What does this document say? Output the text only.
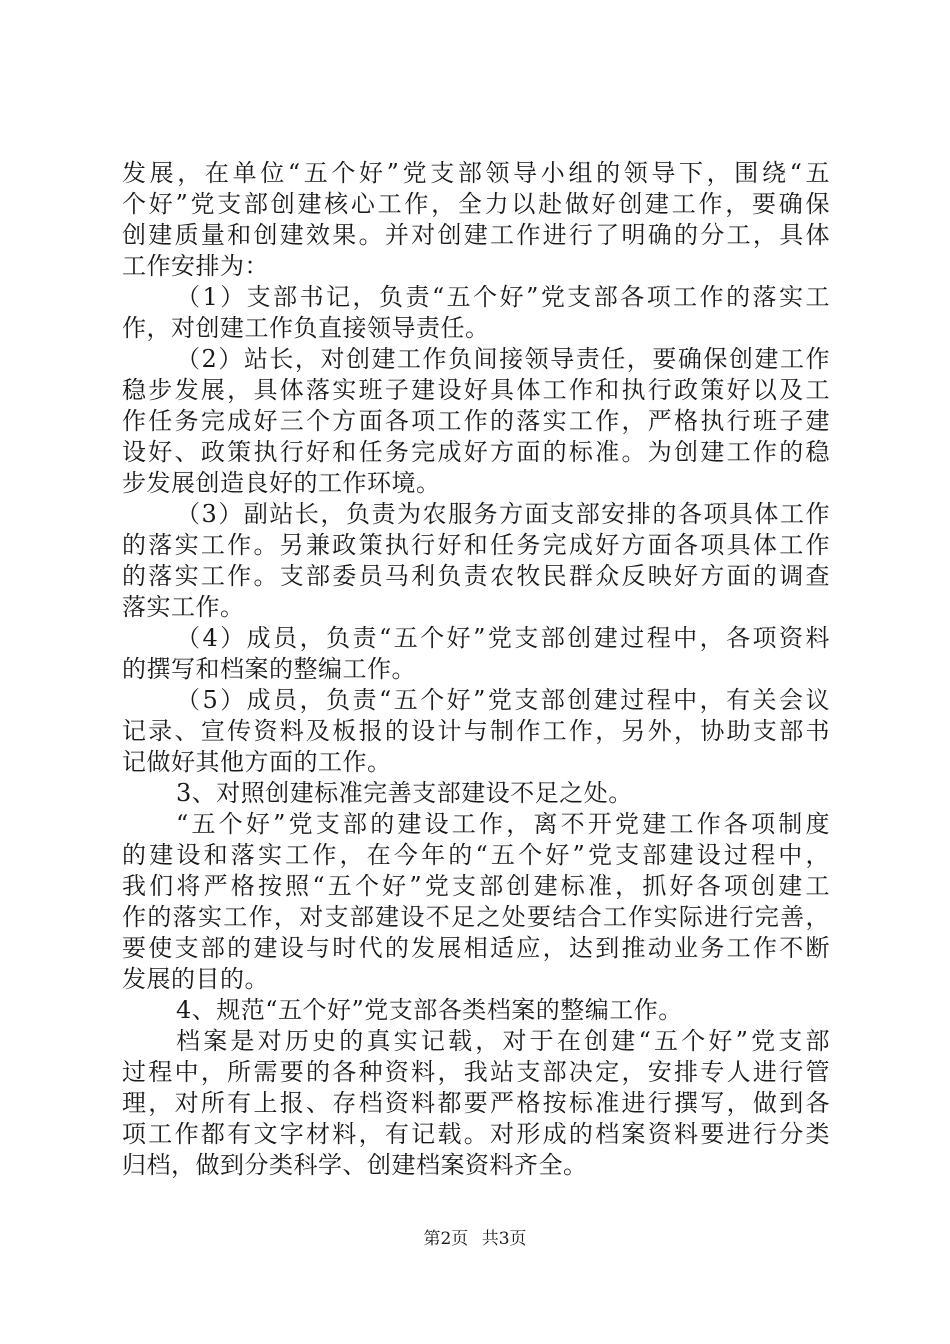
发展，在单位“五个好”党支部领导小组的领导下，围绕“五
个好”党支部创建核心工作，全力以赴做好创建工作，要确保
创建质量和创建效果。并对创建工作进行了明确的分工，具体
工作安排为：
（1）支部书记，负责“五个好”党支部各项工作的落实工
作，对创建工作负直接领导责任。
（2）站长，对创建工作负间接领导责任，要确保创建工作
稳步发展，具体落实班子建设好具体工作和执行政策好以及工
作任务完成好三个方面各项工作的落实工作，严格执行班子建
设好、政策执行好和任务完成好方面的标准。为创建工作的稳
步发展创造良好的工作环境。
（3）副站长，负责为农服务方面支部安排的各项具体工作
的落实工作。另兼政策执行好和任务完成好方面各项具体工作
的落实工作。支部委员马利负责农牧民群众反映好方面的调查
落实工作。
（4）成员，负责“五个好”党支部创建过程中，各项资料
的撰写和档案的整编工作。
（5）成员，负责“五个好”党支部创建过程中，有关会议
记录、宣传资料及板报的设计与制作工作，另外，协助支部书
记做好其他方面的工作。
3、对照创建标准完善支部建设不足之处。
“五个好”党支部的建设工作，离不开党建工作各项制度
的建设和落实工作，在今年的“五个好”党支部建设过程中，
我们将严格按照“五个好”党支部创建标准，抓好各项创建工
作的落实工作，对支部建设不足之处要结合工作实际进行完善，
要使支部的建设与时代的发展相适应，达到推动业务工作不断
发展的目的。
4、规范“五个好”党支部各类档案的整编工作。
档案是对历史的真实记载，对于在创建“五个好”党支部
过程中，所需要的各种资料，我站支部决定，安排专人进行管
理，对所有上报、存档资料都要严格按标准进行撰写，做到各
项工作都有文字材料，有记载。对形成的档案资料要进行分类
归档，做到分类科学、创建档案资料齐全。
第2页 共3页
